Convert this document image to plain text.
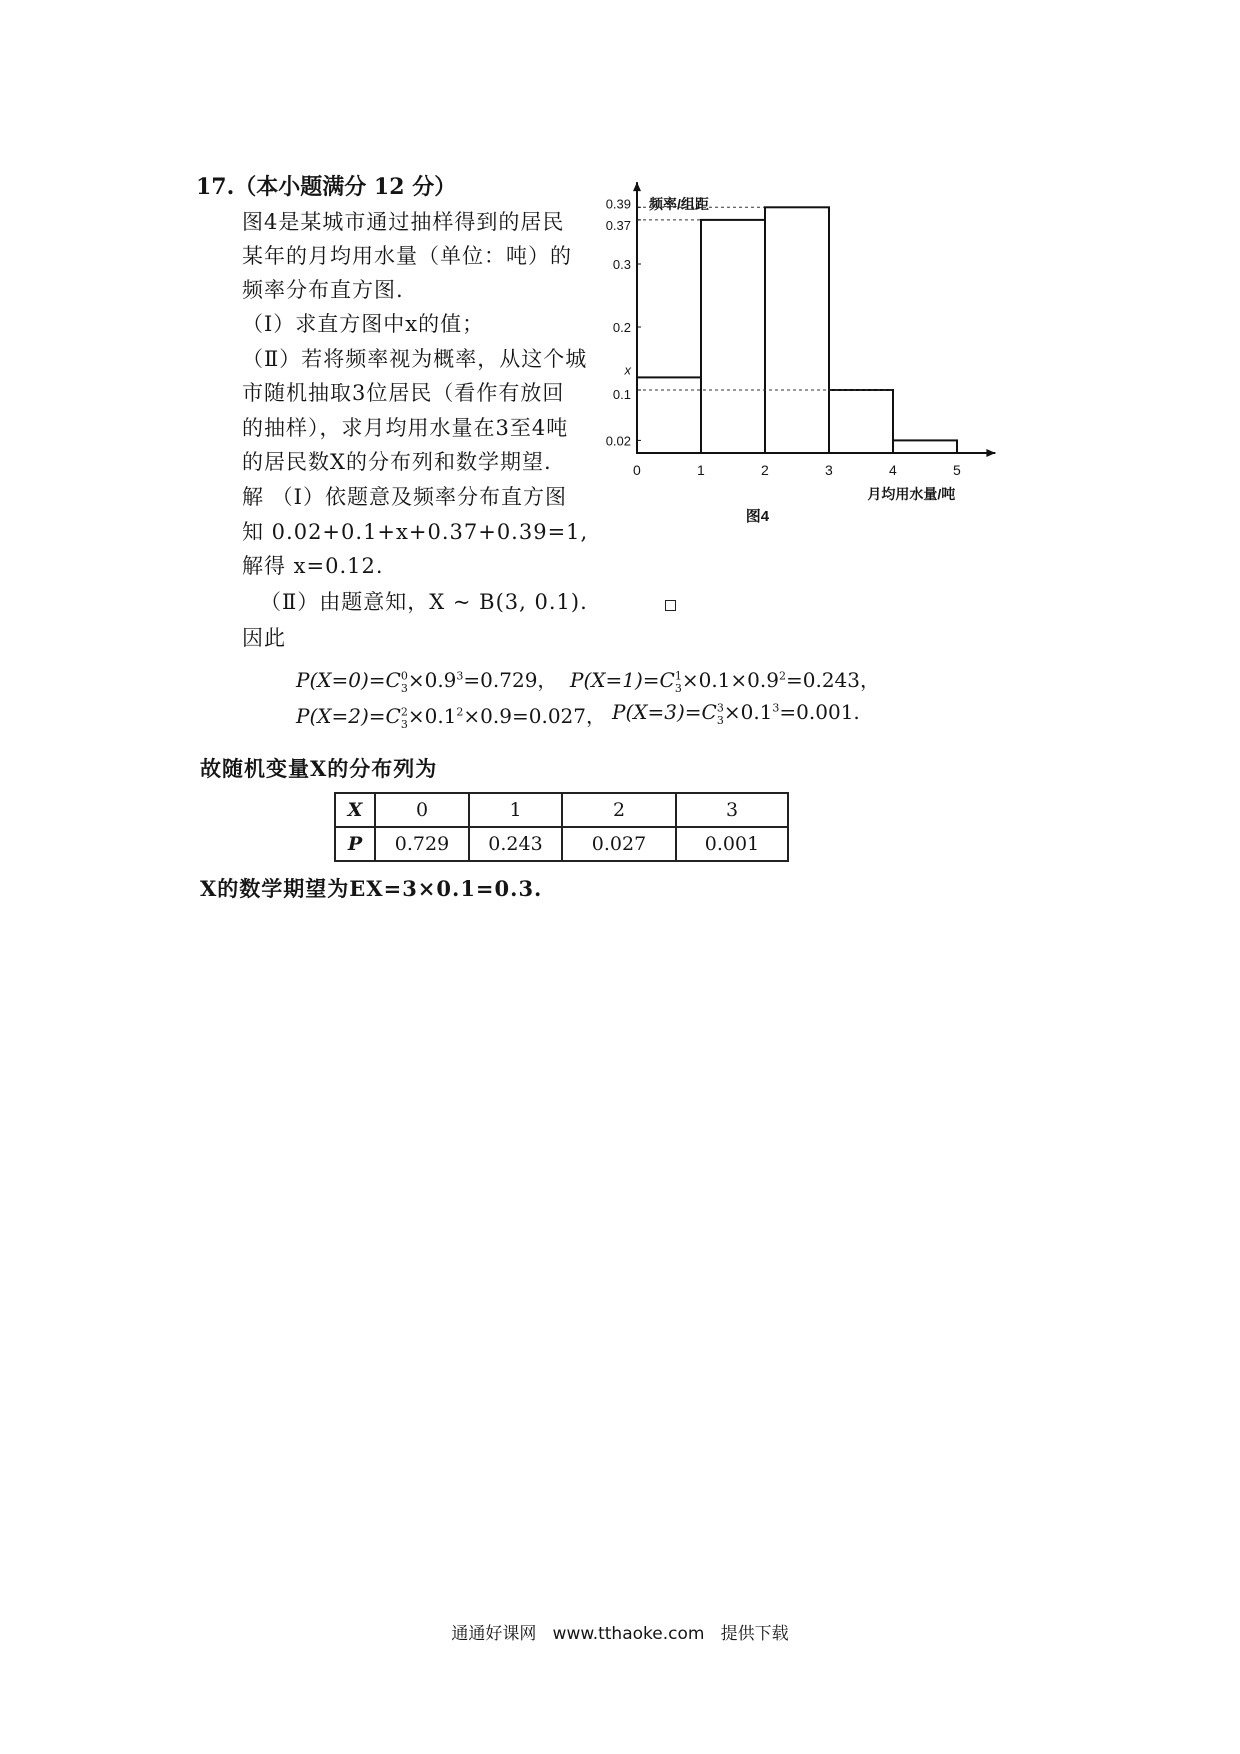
17.（本小题满分 12 分）
图4是某城市通过抽样得到的居民
某年的月均用水量（单位：吨）的
频率分布直方图.
（Ⅰ）求直方图中x的值；
（Ⅱ）若将频率视为概率，从这个城
市随机抽取3位居民（看作有放回
的抽样），求月均用水量在3至4吨
的居民数X的分布列和数学期望.
解 （Ⅰ）依题意及频率分布直方图
知 0.02+0.1+x+0.37+0.39=1,
解得 x=0.12.
（Ⅱ）由题意知，X ~ B(3, 0.1).
因此
0	1	2	3	4	5
0.02
0.1
x
0.2
0.3
0.37
0.39 频率/组距
月均用水量/吨
图4
$P(X=0)=C^0_3\times 0.9^3=0.729$， $P(X=1)=C^1_3\times 0.1\times 0.9^2=0.243$，
$P(X=2)=C^2_3\times 0.1^2\times 0.9=0.027$， $P(X=3)=C^3_3\times 0.1^3=0.001$.
故随机变量X的分布列为
X	0	1	2	3
P	0.729	0.243	0.027	0.001
X的数学期望为EX=3×0.1=0.3.
通通好课网 www.tthaoke.com 提供下载
